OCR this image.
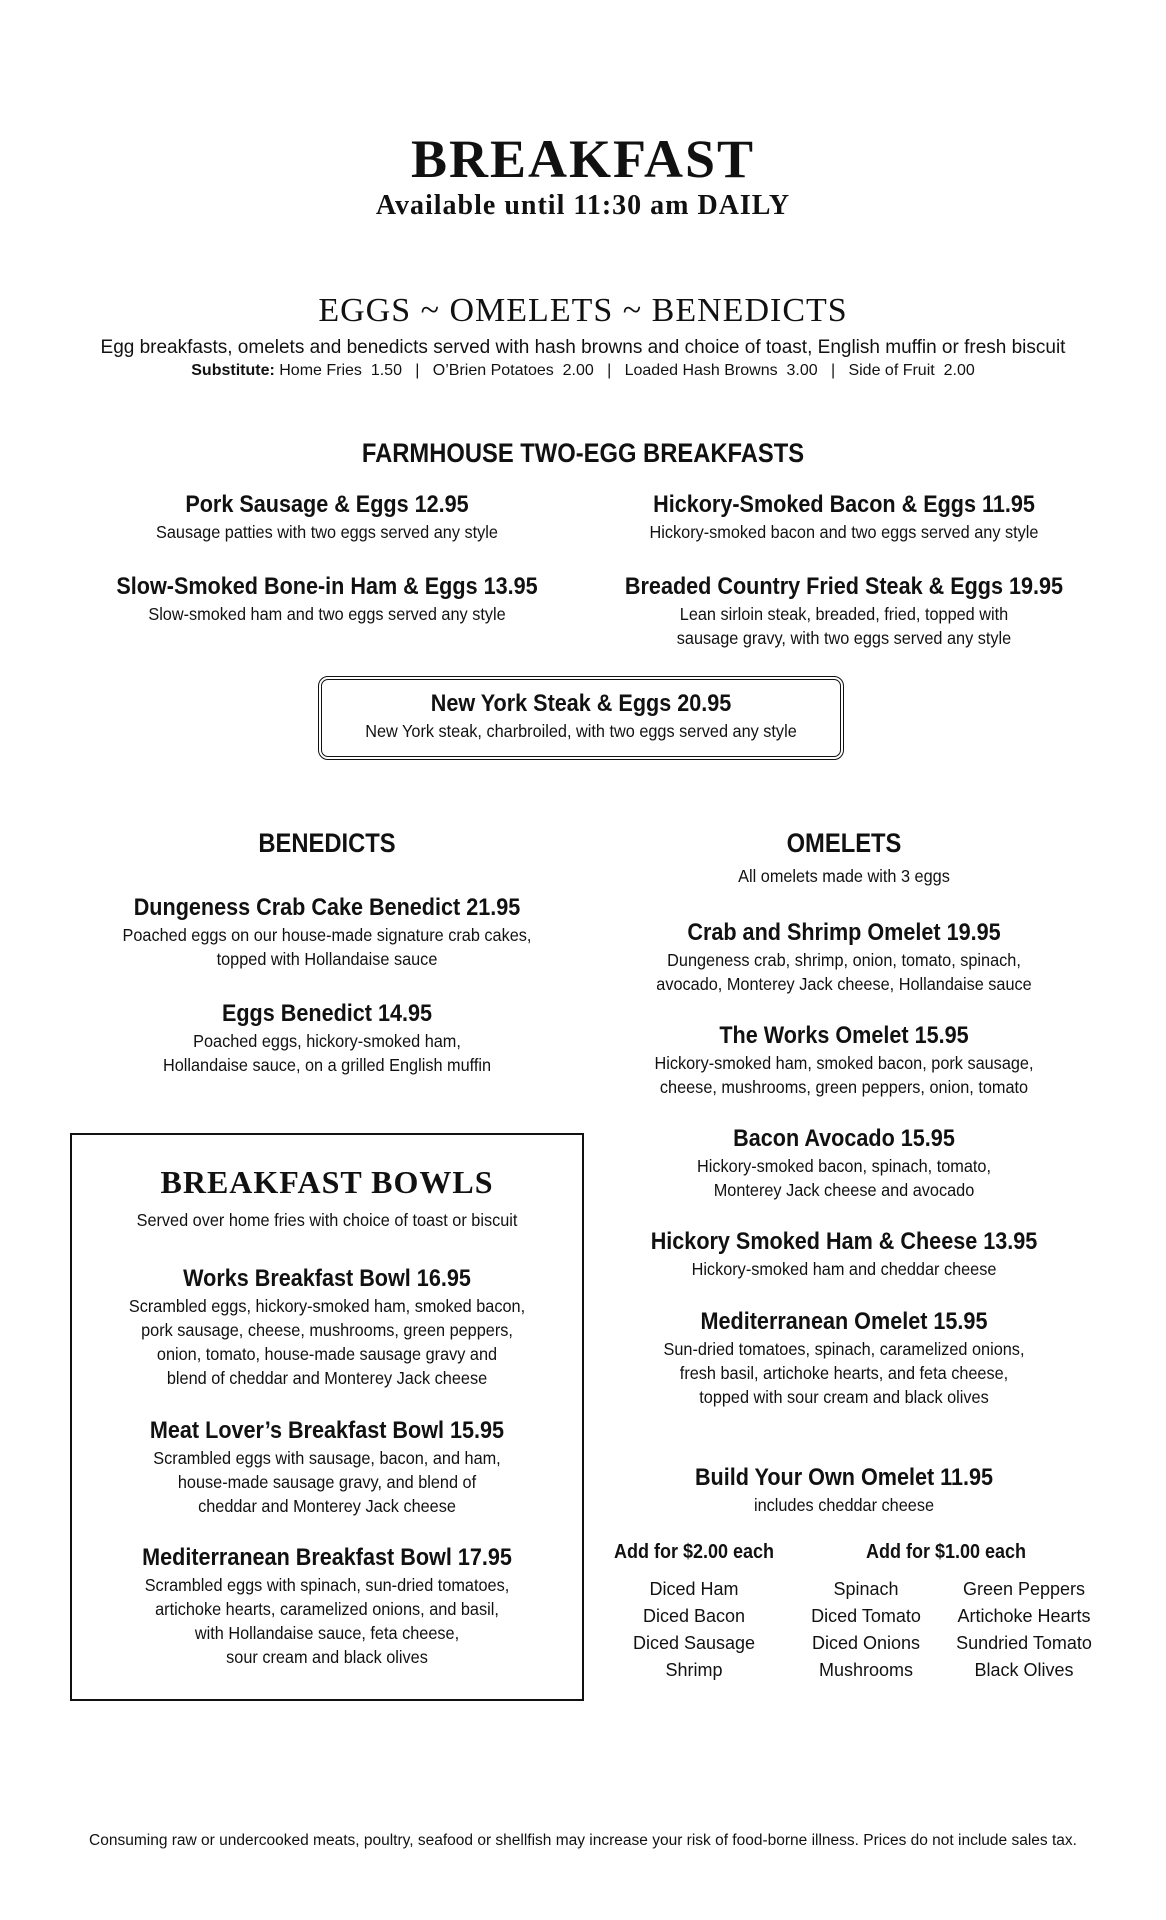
BREAKFAST
Available until 11:30 am DAILY
EGGS ~ OMELETS ~ BENEDICTS
Egg breakfasts, omelets and benedicts served with hash browns and choice of toast, English muffin or fresh biscuit
Substitute: Home Fries  1.50   |   O’Brien Potatoes  2.00   |   Loaded Hash Browns  3.00   |   Side of Fruit  2.00
FARMHOUSE TWO-EGG BREAKFASTS
Pork Sausage & Eggs 12.95
Sausage patties with two eggs served any style
Hickory-Smoked Bacon & Eggs 11.95
Hickory-smoked bacon and two eggs served any style
Slow-Smoked Bone-in Ham & Eggs 13.95
Slow-smoked ham and two eggs served any style
Breaded Country Fried Steak & Eggs 19.95
Lean sirloin steak, breaded, fried, topped with
sausage gravy, with two eggs served any style
New York Steak & Eggs 20.95
New York steak, charbroiled, with two eggs served any style
BENEDICTS
Dungeness Crab Cake Benedict 21.95
Poached eggs on our house-made signature crab cakes,
topped with Hollandaise sauce
Eggs Benedict 14.95
Poached eggs, hickory-smoked ham,
Hollandaise sauce, on a grilled English muffin
BREAKFAST BOWLS
Served over home fries with choice of toast or biscuit
Works Breakfast Bowl 16.95
Scrambled eggs, hickory-smoked ham, smoked bacon,
pork sausage, cheese, mushrooms, green peppers,
onion, tomato, house-made sausage gravy and
blend of cheddar and Monterey Jack cheese
Meat Lover’s Breakfast Bowl 15.95
Scrambled eggs with sausage, bacon, and ham,
house-made sausage gravy, and blend of
cheddar and Monterey Jack cheese
Mediterranean Breakfast Bowl 17.95
Scrambled eggs with spinach, sun-dried tomatoes,
artichoke hearts, caramelized onions, and basil,
with Hollandaise sauce, feta cheese,
sour cream and black olives
OMELETS
All omelets made with 3 eggs
Crab and Shrimp Omelet 19.95
Dungeness crab, shrimp, onion, tomato, spinach,
avocado, Monterey Jack cheese, Hollandaise sauce
The Works Omelet 15.95
Hickory-smoked ham, smoked bacon, pork sausage,
cheese, mushrooms, green peppers, onion, tomato
Bacon Avocado 15.95
Hickory-smoked bacon, spinach, tomato,
Monterey Jack cheese and avocado
Hickory Smoked Ham & Cheese 13.95
Hickory-smoked ham and cheddar cheese
Mediterranean Omelet 15.95
Sun-dried tomatoes, spinach, caramelized onions,
fresh basil, artichoke hearts, and feta cheese,
topped with sour cream and black olives
Build Your Own Omelet 11.95
includes cheddar cheese
Add for $2.00 each	Add for $1.00 each
Diced Ham
Diced Bacon
Diced Sausage
Shrimp
Spinach
Diced Tomato
Diced Onions
Mushrooms
Green Peppers
Artichoke Hearts
Sundried Tomato
Black Olives
Consuming raw or undercooked meats, poultry, seafood or shellfish may increase your risk of food-borne illness. Prices do not include sales tax.
